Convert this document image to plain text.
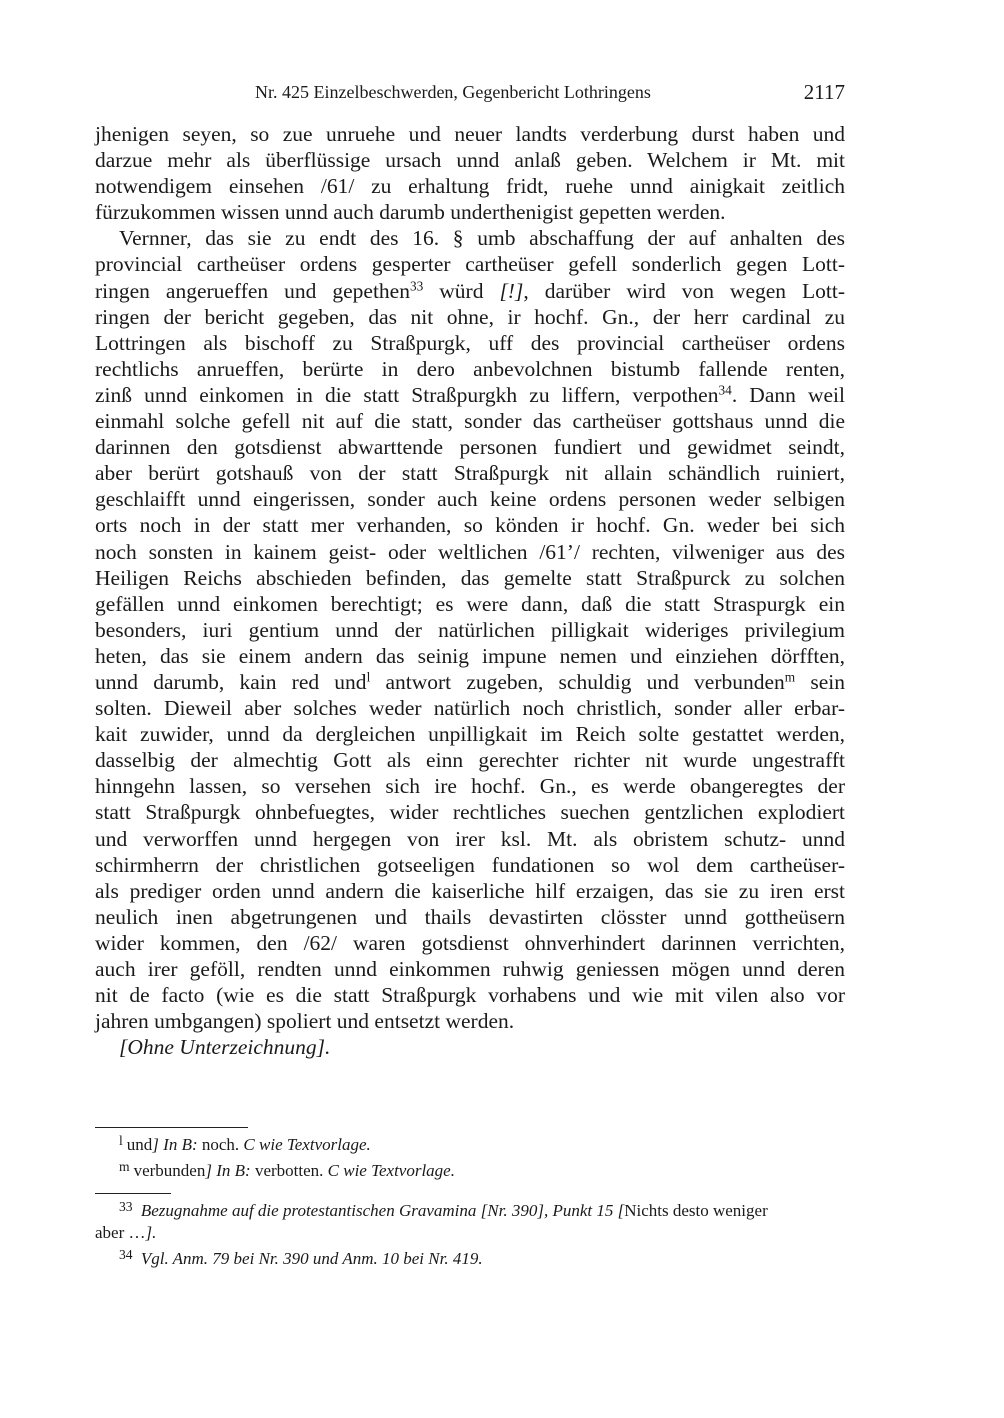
Nr. 425 Einzelbeschwerden, Gegenbericht Lothringens	2117
jhenigen seyen, so zue unruehe und neuer landts verderbung durst haben und
darzue mehr als überflüssige ursach unnd anlaß geben. Welchem ir Mt. mit
notwendigem einsehen /61/ zu erhaltung fridt, ruehe unnd ainigkait zeitlich
fürzukommen wissen unnd auch darumb underthenigist gepetten werden.
Vernner, das sie zu endt des 16. § umb abschaffung der auf anhalten des
provincial cartheüser ordens gesperter cartheüser gefell sonderlich gegen Lott-
ringen angerueffen und gepethen$^{33}$ würd [!], darüber wird von wegen Lott-
ringen der bericht gegeben, das nit ohne, ir hochf. Gn., der herr cardinal zu
Lottringen als bischoff zu Straßpurgk, uff des provincial cartheüser ordens
rechtlichs anrueffen, berürte in dero anbevolchnen bistumb fallende renten,
zinß unnd einkomen in die statt Straßpurgkh zu liffern, verpothen$^{34}$. Dann weil
einmahl solche gefell nit auf die statt, sonder das cartheüser gottshaus unnd die
darinnen den gotsdienst abwarttende personen fundiert und gewidmet seindt,
aber berürt gotshauß von der statt Straßpurgk nit allain schändlich ruiniert,
geschlaifft unnd eingerissen, sonder auch keine ordens personen weder selbigen
orts noch in der statt mer verhanden, so könden ir hochf. Gn. weder bei sich
noch sonsten in kainem geist- oder weltlichen /61’/ rechten, vilweniger aus des
Heiligen Reichs abschieden befinden, das gemelte statt Straßpurck zu solchen
gefällen unnd einkomen berechtigt; es were dann, daß die statt Straspurgk ein
besonders, iuri gentium unnd der natürlichen pilligkait wideriges privilegium
heten, das sie einem andern das seinig impune nemen und einziehen dörfften,
unnd darumb, kain red und$^l$ antwort zugeben, schuldig und verbunden$^m$ sein
solten. Dieweil aber solches weder natürlich noch christlich, sonder aller erbar-
kait zuwider, unnd da dergleichen unpilligkait im Reich solte gestattet werden,
dasselbig der almechtig Gott als einn gerechter richter nit wurde ungestrafft
hinngehn lassen, so versehen sich ire hochf. Gn., es werde obangeregtes der
statt Straßpurgk ohnbefuegtes, wider rechtliches suechen gentzlichen explodiert
und verworffen unnd hergegen von irer ksl. Mt. als obristem schutz- unnd
schirmherrn der christlichen gotseeligen fundationen so wol dem cartheüser-
als prediger orden unnd andern die kaiserliche hilf erzaigen, das sie zu iren erst
neulich inen abgetrungenen und thails devastirten clösster unnd gottheüsern
wider kommen, den /62/ waren gotsdienst ohnverhindert darinnen verrichten,
auch irer geföll, rendten unnd einkommen ruhwig geniessen mögen unnd deren
nit de facto (wie es die statt Straßpurgk vorhabens und wie mit vilen also vor
jahren umbgangen) spoliert und entsetzt werden.
[Ohne Unterzeichnung].

$^l$ und] In B: noch. C wie Textvorlage.

$^m$ verbunden] In B: verbotten. C wie Textvorlage.

$^{33}$ Bezugnahme auf die protestantischen Gravamina [Nr. 390], Punkt 15 [Nichts desto weniger
aber …].

$^{34}$ Vgl. Anm. 79 bei Nr. 390 und Anm. 10 bei Nr. 419.
